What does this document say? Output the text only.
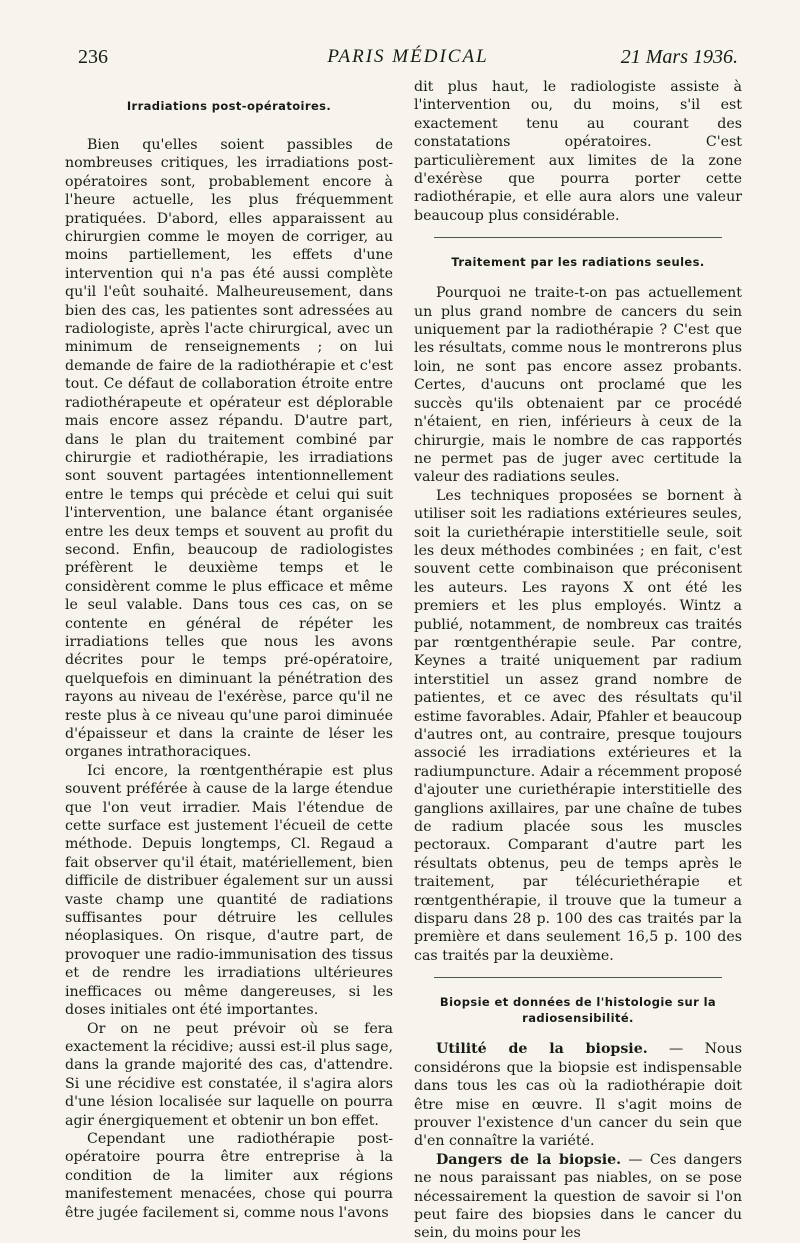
236	PARIS MÉDICAL	21 Mars 1936.
Irradiations post-opératoires.

Bien qu'elles soient passibles de nombreuses critiques, les irradiations post-opératoires sont, probablement encore à l'heure actuelle, les plus fréquemment pratiquées. D'abord, elles apparaissent au chirurgien comme le moyen de corriger, au moins partiellement, les effets d'une intervention qui n'a pas été aussi complète qu'il l'eût souhaité. Malheureusement, dans bien des cas, les patientes sont adressées au radiologiste, après l'acte chirurgical, avec un minimum de renseignements ; on lui demande de faire de la radiothérapie et c'est tout. Ce défaut de collaboration étroite entre radiothérapeute et opérateur est déplorable mais encore assez répandu. D'autre part, dans le plan du traitement combiné par chirurgie et radiothérapie, les irradiations sont souvent partagées intentionnellement entre le temps qui précède et celui qui suit l'intervention, une balance étant organisée entre les deux temps et souvent au profit du second. Enfin, beaucoup de radiologistes préfèrent le deuxième temps et le considèrent comme le plus efficace et même le seul valable. Dans tous ces cas, on se contente en général de répéter les irradiations telles que nous les avons décrites pour le temps pré-opératoire, quelquefois en diminuant la pénétration des rayons au niveau de l'exérèse, parce qu'il ne reste plus à ce niveau qu'une paroi diminuée d'épaisseur et dans la crainte de léser les organes intrathoraciques.

Ici encore, la rœntgenthérapie est plus souvent préférée à cause de la large étendue que l'on veut irradier. Mais l'étendue de cette surface est justement l'écueil de cette méthode. Depuis longtemps, Cl. Regaud a fait observer qu'il était, matériellement, bien difficile de distribuer également sur un aussi vaste champ une quantité de radiations suffisantes pour détruire les cellules néoplasiques. On risque, d'autre part, de provoquer une radio-immunisation des tissus et de rendre les irradiations ultérieures inefficaces ou même dangereuses, si les doses initiales ont été importantes.

Or on ne peut prévoir où se fera exactement la récidive; aussi est-il plus sage, dans la grande majorité des cas, d'attendre. Si une récidive est constatée, il s'agira alors d'une lésion localisée sur laquelle on pourra agir énergiquement et obtenir un bon effet.

Cependant une radiothérapie post-opératoire pourra être entreprise à la condition de la limiter aux régions manifestement menacées, chose qui pourra être jugée facilement si, comme nous l'avons

dit plus haut, le radiologiste assiste à l'intervention ou, du moins, s'il est exactement tenu au courant des constatations opératoires. C'est particulièrement aux limites de la zone d'exérèse que pourra porter cette radiothérapie, et elle aura alors une valeur beaucoup plus considérable.

Traitement par les radiations seules.

Pourquoi ne traite-t-on pas actuellement un plus grand nombre de cancers du sein uniquement par la radiothérapie ? C'est que les résultats, comme nous le montrerons plus loin, ne sont pas encore assez probants. Certes, d'aucuns ont proclamé que les succès qu'ils obtenaient par ce procédé n'étaient, en rien, inférieurs à ceux de la chirurgie, mais le nombre de cas rapportés ne permet pas de juger avec certitude la valeur des radiations seules.

Les techniques proposées se bornent à utiliser soit les radiations extérieures seules, soit la curiethérapie interstitielle seule, soit les deux méthodes combinées ; en fait, c'est souvent cette combinaison que préconisent les auteurs. Les rayons X ont été les premiers et les plus employés. Wintz a publié, notamment, de nombreux cas traités par rœntgenthérapie seule. Par contre, Keynes a traité uniquement par radium interstitiel un assez grand nombre de patientes, et ce avec des résultats qu'il estime favorables. Adair, Pfahler et beaucoup d'autres ont, au contraire, presque toujours associé les irradiations extérieures et la radiumpuncture. Adair a récemment proposé d'ajouter une curiethérapie interstitielle des ganglions axillaires, par une chaîne de tubes de radium placée sous les muscles pectoraux. Comparant d'autre part les résultats obtenus, peu de temps après le traitement, par télécuriethérapie et rœntgenthérapie, il trouve que la tumeur a disparu dans 28 p. 100 des cas traités par la première et dans seulement 16,5 p. 100 des cas traités par la deuxième.

Biopsie et données de l'histologie sur la radiosensibilité.

Utilité de la biopsie. — Nous considérons que la biopsie est indispensable dans tous les cas où la radiothérapie doit être mise en œuvre. Il s'agit moins de prouver l'existence d'un cancer du sein que d'en connaître la variété.

Dangers de la biopsie. — Ces dangers ne nous paraissant pas niables, on se pose nécessairement la question de savoir si l'on peut faire des biopsies dans le cancer du sein, du moins pour les
